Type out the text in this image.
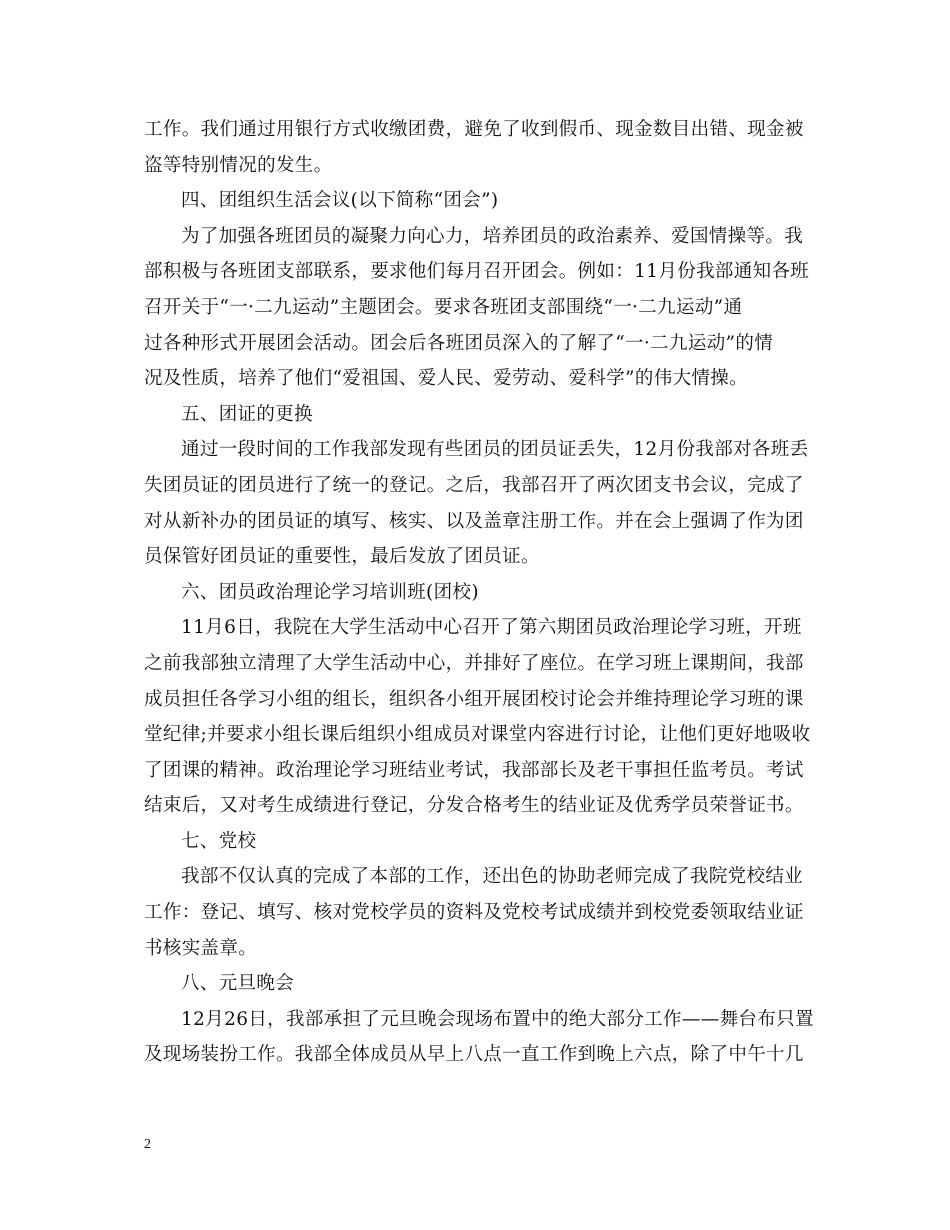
工作。我们通过用银行方式收缴团费，避免了收到假币、现金数目出错、现金被
盗等特别情况的发生。
四、团组织生活会议(以下简称“团会”)
为了加强各班团员的凝聚力向心力，培养团员的政治素养、爱国情操等。我
部积极与各班团支部联系，要求他们每月召开团会。例如：11月份我部通知各班
召开关于“一·二九运动”主题团会。要求各班团支部围绕“一·二九运动”通
过各种形式开展团会活动。团会后各班团员深入的了解了“一·二九运动”的情
况及性质，培养了他们“爱祖国、爱人民、爱劳动、爱科学”的伟大情操。
五、团证的更换
通过一段时间的工作我部发现有些团员的团员证丢失，12月份我部对各班丢
失团员证的团员进行了统一的登记。之后，我部召开了两次团支书会议，完成了
对从新补办的团员证的填写、核实、以及盖章注册工作。并在会上强调了作为团
员保管好团员证的重要性，最后发放了团员证。
六、团员政治理论学习培训班(团校)
11月6日，我院在大学生活动中心召开了第六期团员政治理论学习班，开班
之前我部独立清理了大学生活动中心，并排好了座位。在学习班上课期间，我部
成员担任各学习小组的组长，组织各小组开展团校讨论会并维持理论学习班的课
堂纪律;并要求小组长课后组织小组成员对课堂内容进行讨论，让他们更好地吸收
了团课的精神。政治理论学习班结业考试，我部部长及老干事担任监考员。考试
结束后，又对考生成绩进行登记，分发合格考生的结业证及优秀学员荣誉证书。
七、党校
我部不仅认真的完成了本部的工作，还出色的协助老师完成了我院党校结业
工作：登记、填写、核对党校学员的资料及党校考试成绩并到校党委领取结业证
书核实盖章。
八、元旦晚会
12月26日，我部承担了元旦晚会现场布置中的绝大部分工作——舞台布只置
及现场装扮工作。我部全体成员从早上八点一直工作到晚上六点，除了中午十几
2
